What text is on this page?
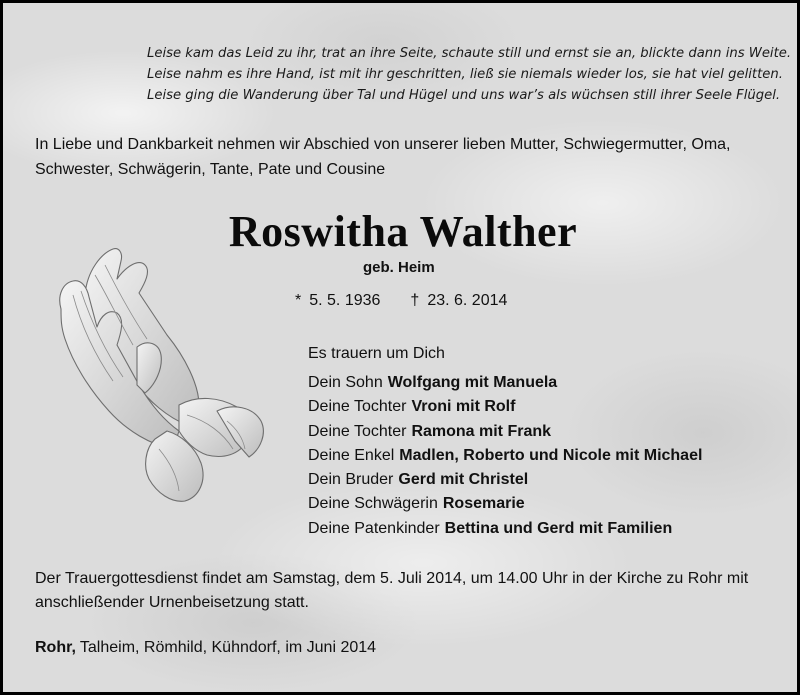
Leise kam das Leid zu ihr, trat an ihre Seite, schaute still und ernst sie an, blickte dann ins Weite.
Leise nahm es ihre Hand, ist mit ihr geschritten, ließ sie niemals wieder los, sie hat viel gelitten.
Leise ging die Wanderung über Tal und Hügel und uns war’s als wüchsen still ihrer Seele Flügel.
In Liebe und Dankbarkeit nehmen wir Abschied von unserer lieben Mutter, Schwiegermutter, Oma,
Schwester, Schwägerin, Tante, Pate und Cousine
Roswitha Walther
geb. Heim
* 5. 5. 1936 † 23. 6. 2014
Es trauern um Dich
Dein Sohn Wolfgang mit Manuela
Deine Tochter Vroni mit Rolf
Deine Tochter Ramona mit Frank
Deine Enkel Madlen, Roberto und Nicole mit Michael
Dein Bruder Gerd mit Christel
Deine Schwägerin Rosemarie
Deine Patenkinder Bettina und Gerd mit Familien
Der Trauergottesdienst findet am Samstag, dem 5. Juli 2014, um 14.00 Uhr in der Kirche zu Rohr mit
anschließender Urnenbeisetzung statt.
Rohr, Talheim, Römhild, Kühndorf, im Juni 2014
